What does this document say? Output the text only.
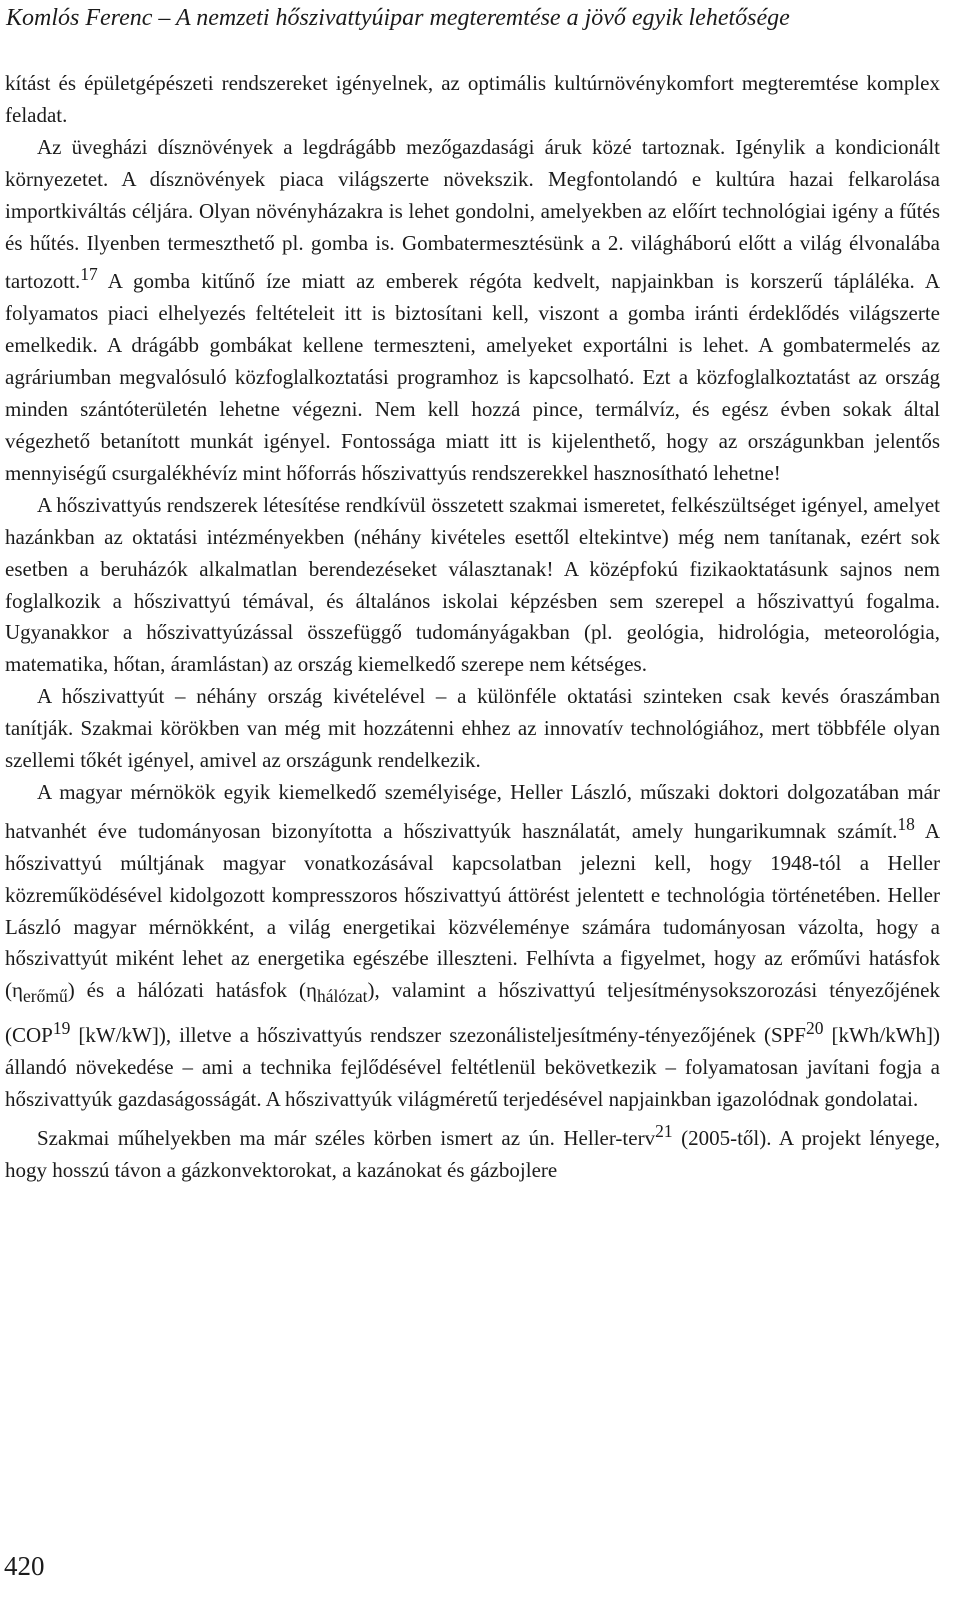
Komlós Ferenc – A nemzeti hőszivattyúipar megteremtése a jövő egyik lehetősége

kítást és épületgépészeti rendszereket igényelnek, az optimális kultúrnövénykomfort megteremtése komplex feladat.

Az üvegházi dísznövények a legdrágább mezőgazdasági áruk közé tartoznak. Igénylik a kondicionált környezetet. A dísznövények piaca világszerte növekszik. Megfontolandó e kultúra hazai felkarolása importkiváltás céljára. Olyan növényházakra is lehet gondolni, amelyekben az előírt technológiai igény a fűtés és hűtés. Ilyenben termeszthető pl. gomba is. Gombatermesztésünk a 2. világháború előtt a világ élvonalába tartozott.$^{17}$ A gomba kitűnő íze miatt az emberek régóta kedvelt, napjainkban is korszerű tápláléka. A folyamatos piaci elhelyezés feltételeit itt is biztosítani kell, viszont a gomba iránti érdeklődés világszerte emelkedik. A drágább gombákat kellene termeszteni, amelyeket exportálni is lehet. A gombatermelés az agráriumban megvalósuló közfoglalkoztatási programhoz is kapcsolható. Ezt a közfoglalkoztatást az ország minden szántóterületén lehetne végezni. Nem kell hozzá pince, termálvíz, és egész évben sokak által végezhető betanított munkát igényel. Fontossága miatt itt is kijelenthető, hogy az országunkban jelentős mennyiségű csurgalékhévíz mint hőforrás hőszivattyús rendszerekkel hasznosítható lehetne!

A hőszivattyús rendszerek létesítése rendkívül összetett szakmai ismeretet, felkészültséget igényel, amelyet hazánkban az oktatási intézményekben (néhány kivételes esettől eltekintve) még nem tanítanak, ezért sok esetben a beruházók alkalmatlan berendezéseket választanak! A középfokú fizikaoktatásunk sajnos nem foglalkozik a hőszivattyú témával, és általános iskolai képzésben sem szerepel a hőszivattyú fogalma. Ugyanakkor a hőszivattyúzással összefüggő tudományágakban (pl. geológia, hidrológia, meteorológia, matematika, hőtan, áramlástan) az ország kiemelkedő szerepe nem kétséges.

A hőszivattyút – néhány ország kivételével – a különféle oktatási szinteken csak kevés óraszámban tanítják. Szakmai körökben van még mit hozzátenni ehhez az innovatív technológiához, mert többféle olyan szellemi tőkét igényel, amivel az országunk rendelkezik.

A magyar mérnökök egyik kiemelkedő személyisége, Heller László, műszaki doktori dolgozatában már hatvanhét éve tudományosan bizonyította a hőszivattyúk használatát, amely hungarikumnak számít.$^{18}$ A hőszivattyú múltjának magyar vonatkozásával kapcsolatban jelezni kell, hogy 1948-tól a Heller közreműködésével kidolgozott kompresszoros hőszivattyú áttörést jelentett e technológia történetében. Heller László magyar mérnökként, a világ energetikai közvéleménye számára tudományosan vázolta, hogy a hőszivattyút miként lehet az energetika egészébe illeszteni. Felhívta a figyelmet, hogy az erőművi hatásfok $(\eta_{erőmű})$ és a hálózati hatásfok $(\eta_{hálózat})$, valamint a hőszivattyú teljesítménysokszorozási tényezőjének (COP$^{19}$ [kW/kW]), illetve a hőszivattyús rendszer szezonálisteljesítmény-tényezőjének (SPF$^{20}$ [kWh/kWh]) állandó növekedése – ami a technika fejlődésével feltétlenül bekövetkezik – folyamatosan javítani fogja a hőszivattyúk gazdaságosságát. A hőszivattyúk világméretű terjedésével napjainkban igazolódnak gondolatai.

Szakmai műhelyekben ma már széles körben ismert az ún. Heller-terv$^{21}$ (2005-től). A projekt lényege, hogy hosszú távon a gázkonvektorokat, a kazánokat és gázbojlere

420
